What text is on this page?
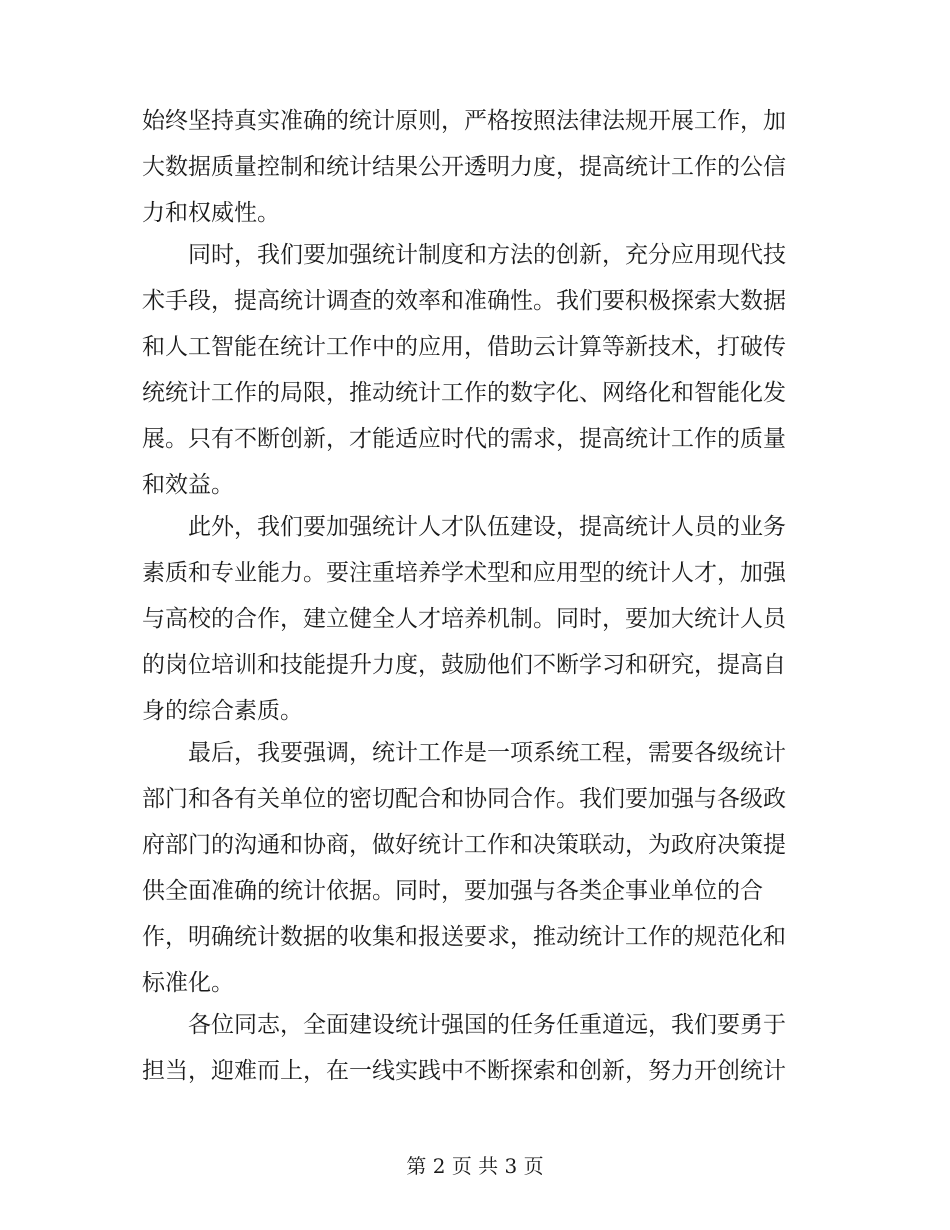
始终坚持真实准确的统计原则，严格按照法律法规开展工作，加
大数据质量控制和统计结果公开透明力度，提高统计工作的公信
力和权威性。
同时，我们要加强统计制度和方法的创新，充分应用现代技
术手段，提高统计调查的效率和准确性。我们要积极探索大数据
和人工智能在统计工作中的应用，借助云计算等新技术，打破传
统统计工作的局限，推动统计工作的数字化、网络化和智能化发
展。只有不断创新，才能适应时代的需求，提高统计工作的质量
和效益。
此外，我们要加强统计人才队伍建设，提高统计人员的业务
素质和专业能力。要注重培养学术型和应用型的统计人才，加强
与高校的合作，建立健全人才培养机制。同时，要加大统计人员
的岗位培训和技能提升力度，鼓励他们不断学习和研究，提高自
身的综合素质。
最后，我要强调，统计工作是一项系统工程，需要各级统计
部门和各有关单位的密切配合和协同合作。我们要加强与各级政
府部门的沟通和协商，做好统计工作和决策联动，为政府决策提
供全面准确的统计依据。同时，要加强与各类企事业单位的合
作，明确统计数据的收集和报送要求，推动统计工作的规范化和
标准化。
各位同志，全面建设统计强国的任务任重道远，我们要勇于
担当，迎难而上，在一线实践中不断探索和创新，努力开创统计
第 2 页 共 3 页
